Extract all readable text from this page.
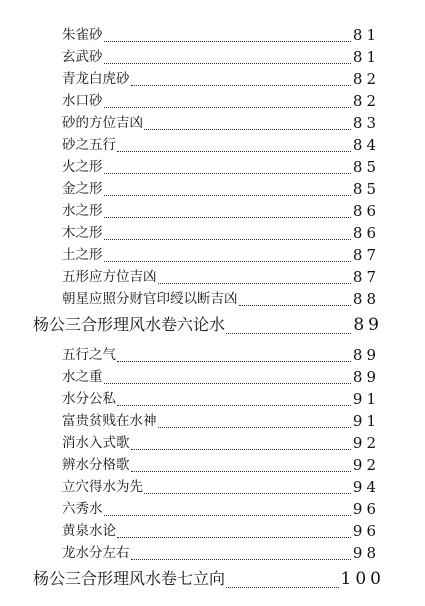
朱雀砂	81
玄武砂	81
青龙白虎砂	82
水口砂	82
砂的方位吉凶	83
砂之五行	84
火之形	85
金之形	85
水之形	86
木之形	86
土之形	87
五形应方位吉凶	87
朝星应照分财官印绶以断吉凶	88
杨公三合形理风水卷六论水	89
五行之气	89
水之重	89
水分公私	91
富贵贫贱在水神	91
消水入式歌	92
辨水分格歌	92
立穴得水为先	94
六秀水	96
黄泉水论	96
龙水分左右	98
杨公三合形理风水卷七立向	100
